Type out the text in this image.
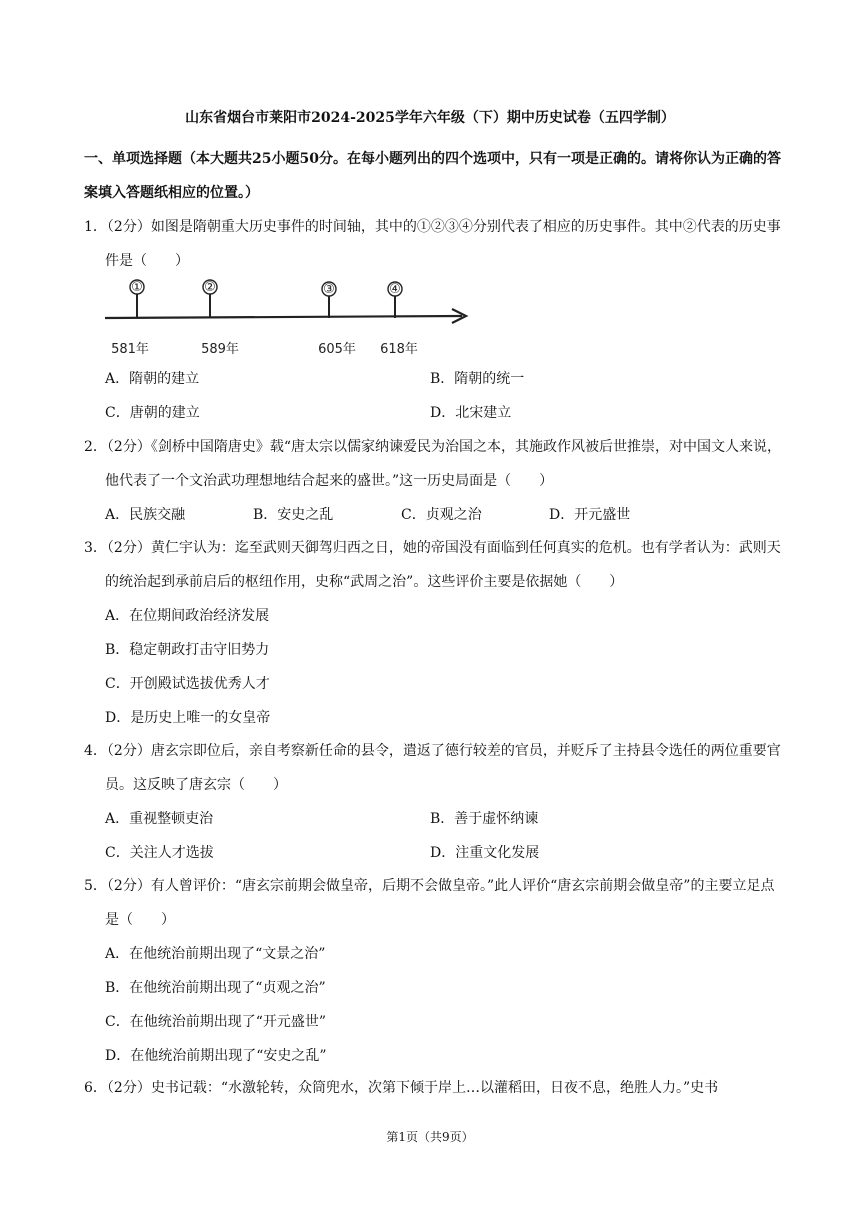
山东省烟台市莱阳市2024-2025学年六年级（下）期中历史试卷（五四学制）
一、单项选择题（本大题共25小题50分。在每小题列出的四个选项中，只有一项是正确的。请将你认为正确的答案填入答题纸相应的位置。）
1．（2分）如图是隋朝重大历史事件的时间轴，其中的①②③④分别代表了相应的历史事件。其中②代表的历史事件是（　　）
①	②	③	④
581年	589年	605年 618年
A．隋朝的建立	B．隋朝的统一
C．唐朝的建立	D．北宋建立
2．（2分）《剑桥中国隋唐史》载“唐太宗以儒家纳谏爱民为治国之本，其施政作风被后世推崇，对中国文人来说，他代表了一个文治武功理想地结合起来的盛世。”这一历史局面是（　　）
A．民族交融	B．安史之乱	C．贞观之治	D．开元盛世
3．（2分）黄仁宇认为：迄至武则天御驾归西之日，她的帝国没有面临到任何真实的危机。也有学者认为：武则天的统治起到承前启后的枢纽作用，史称“武周之治”。这些评价主要是依据她（　　）
A．在位期间政治经济发展
B．稳定朝政打击守旧势力
C．开创殿试选拔优秀人才
D．是历史上唯一的女皇帝
4．（2分）唐玄宗即位后，亲自考察新任命的县令，遣返了德行较差的官员，并贬斥了主持县令选任的两位重要官员。这反映了唐玄宗（　　）
A．重视整顿吏治	B．善于虚怀纳谏
C．关注人才选拔	D．注重文化发展
5．（2分）有人曾评价：“唐玄宗前期会做皇帝，后期不会做皇帝。”此人评价“唐玄宗前期会做皇帝”的主要立足点是（　　）
A．在他统治前期出现了“文景之治”
B．在他统治前期出现了“贞观之治”
C．在他统治前期出现了“开元盛世”
D．在他统治前期出现了“安史之乱”
6．（2分）史书记载：“水激轮转，众筒兜水，次第下倾于岸上…以灌稻田，日夜不息，绝胜人力。”史书
第1页（共9页）
